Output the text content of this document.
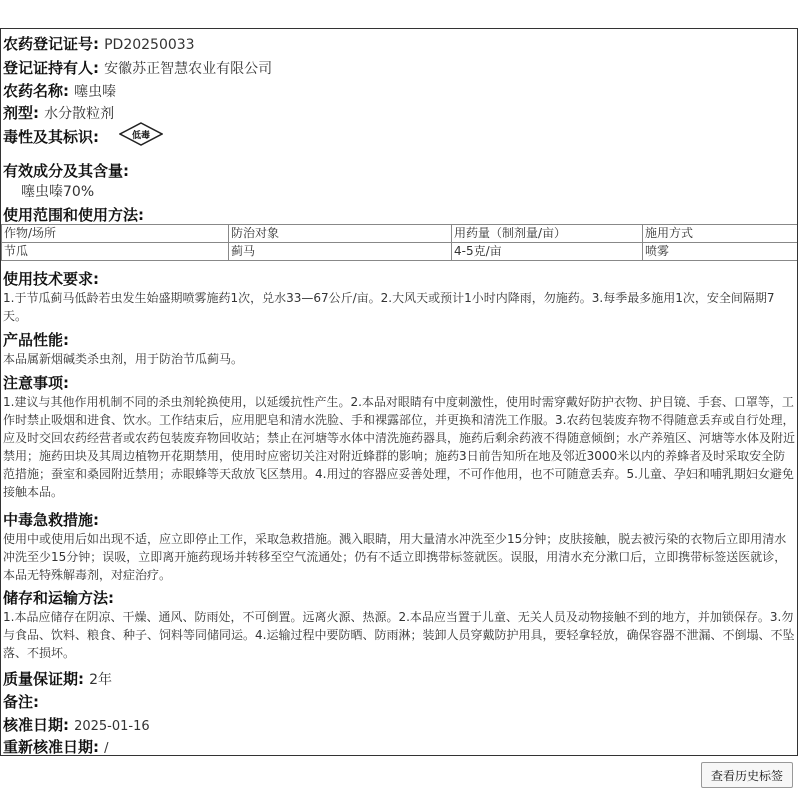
农药登记证号: PD20250033
登记证持有人: 安徽苏正智慧农业有限公司
农药名称: 噻虫嗪
剂型: 水分散粒剂
毒性及其标识:	低毒
有效成分及其含量:
噻虫嗪70%
使用范围和使用方法:
作物/场所	防治对象	用药量（制剂量/亩）	施用方式
节瓜	蓟马	4-5克/亩	喷雾
使用技术要求:
1.于节瓜蓟马低龄若虫发生始盛期喷雾施药1次，兑水33—67公斤/亩。2.大风天或预计1小时内降雨，勿施药。3.每季最多施用1次，安全间隔期7天。
产品性能:
本品属新烟碱类杀虫剂，用于防治节瓜蓟马。
注意事项:
1.建议与其他作用机制不同的杀虫剂轮换使用，以延缓抗性产生。2.本品对眼睛有中度刺激性，使用时需穿戴好防护衣物、护目镜、手套、口罩等，工作时禁止吸烟和进食、饮水。工作结束后，应用肥皂和清水洗脸、手和裸露部位，并更换和清洗工作服。3.农药包装废弃物不得随意丢弃或自行处理，应及时交回农药经营者或农药包装废弃物回收站；禁止在河塘等水体中清洗施药器具，施药后剩余药液不得随意倾倒；水产养殖区、河塘等水体及附近禁用；施药田块及其周边植物开花期禁用，使用时应密切关注对附近蜂群的影响；施药3日前告知所在地及邻近3000米以内的养蜂者及时采取安全防范措施；蚕室和桑园附近禁用；赤眼蜂等天敌放飞区禁用。4.用过的容器应妥善处理，不可作他用，也不可随意丢弃。5.儿童、孕妇和哺乳期妇女避免接触本品。
中毒急救措施:
使用中或使用后如出现不适，应立即停止工作，采取急救措施。溅入眼睛，用大量清水冲洗至少15分钟；皮肤接触，脱去被污染的衣物后立即用清水冲洗至少15分钟；误吸，立即离开施药现场并转移至空气流通处；仍有不适立即携带标签就医。误服，用清水充分漱口后，立即携带标签送医就诊，本品无特殊解毒剂，对症治疗。
储存和运输方法:
1.本品应储存在阴凉、干燥、通风、防雨处，不可倒置。远离火源、热源。2.本品应当置于儿童、无关人员及动物接触不到的地方，并加锁保存。3.勿与食品、饮料、粮食、种子、饲料等同储同运。4.运输过程中要防晒、防雨淋；装卸人员穿戴防护用具，要轻拿轻放，确保容器不泄漏、不倒塌、不坠落、不损坏。
质量保证期: 2年
备注:
核准日期: 2025-01-16
重新核准日期: /
查看历史标签
